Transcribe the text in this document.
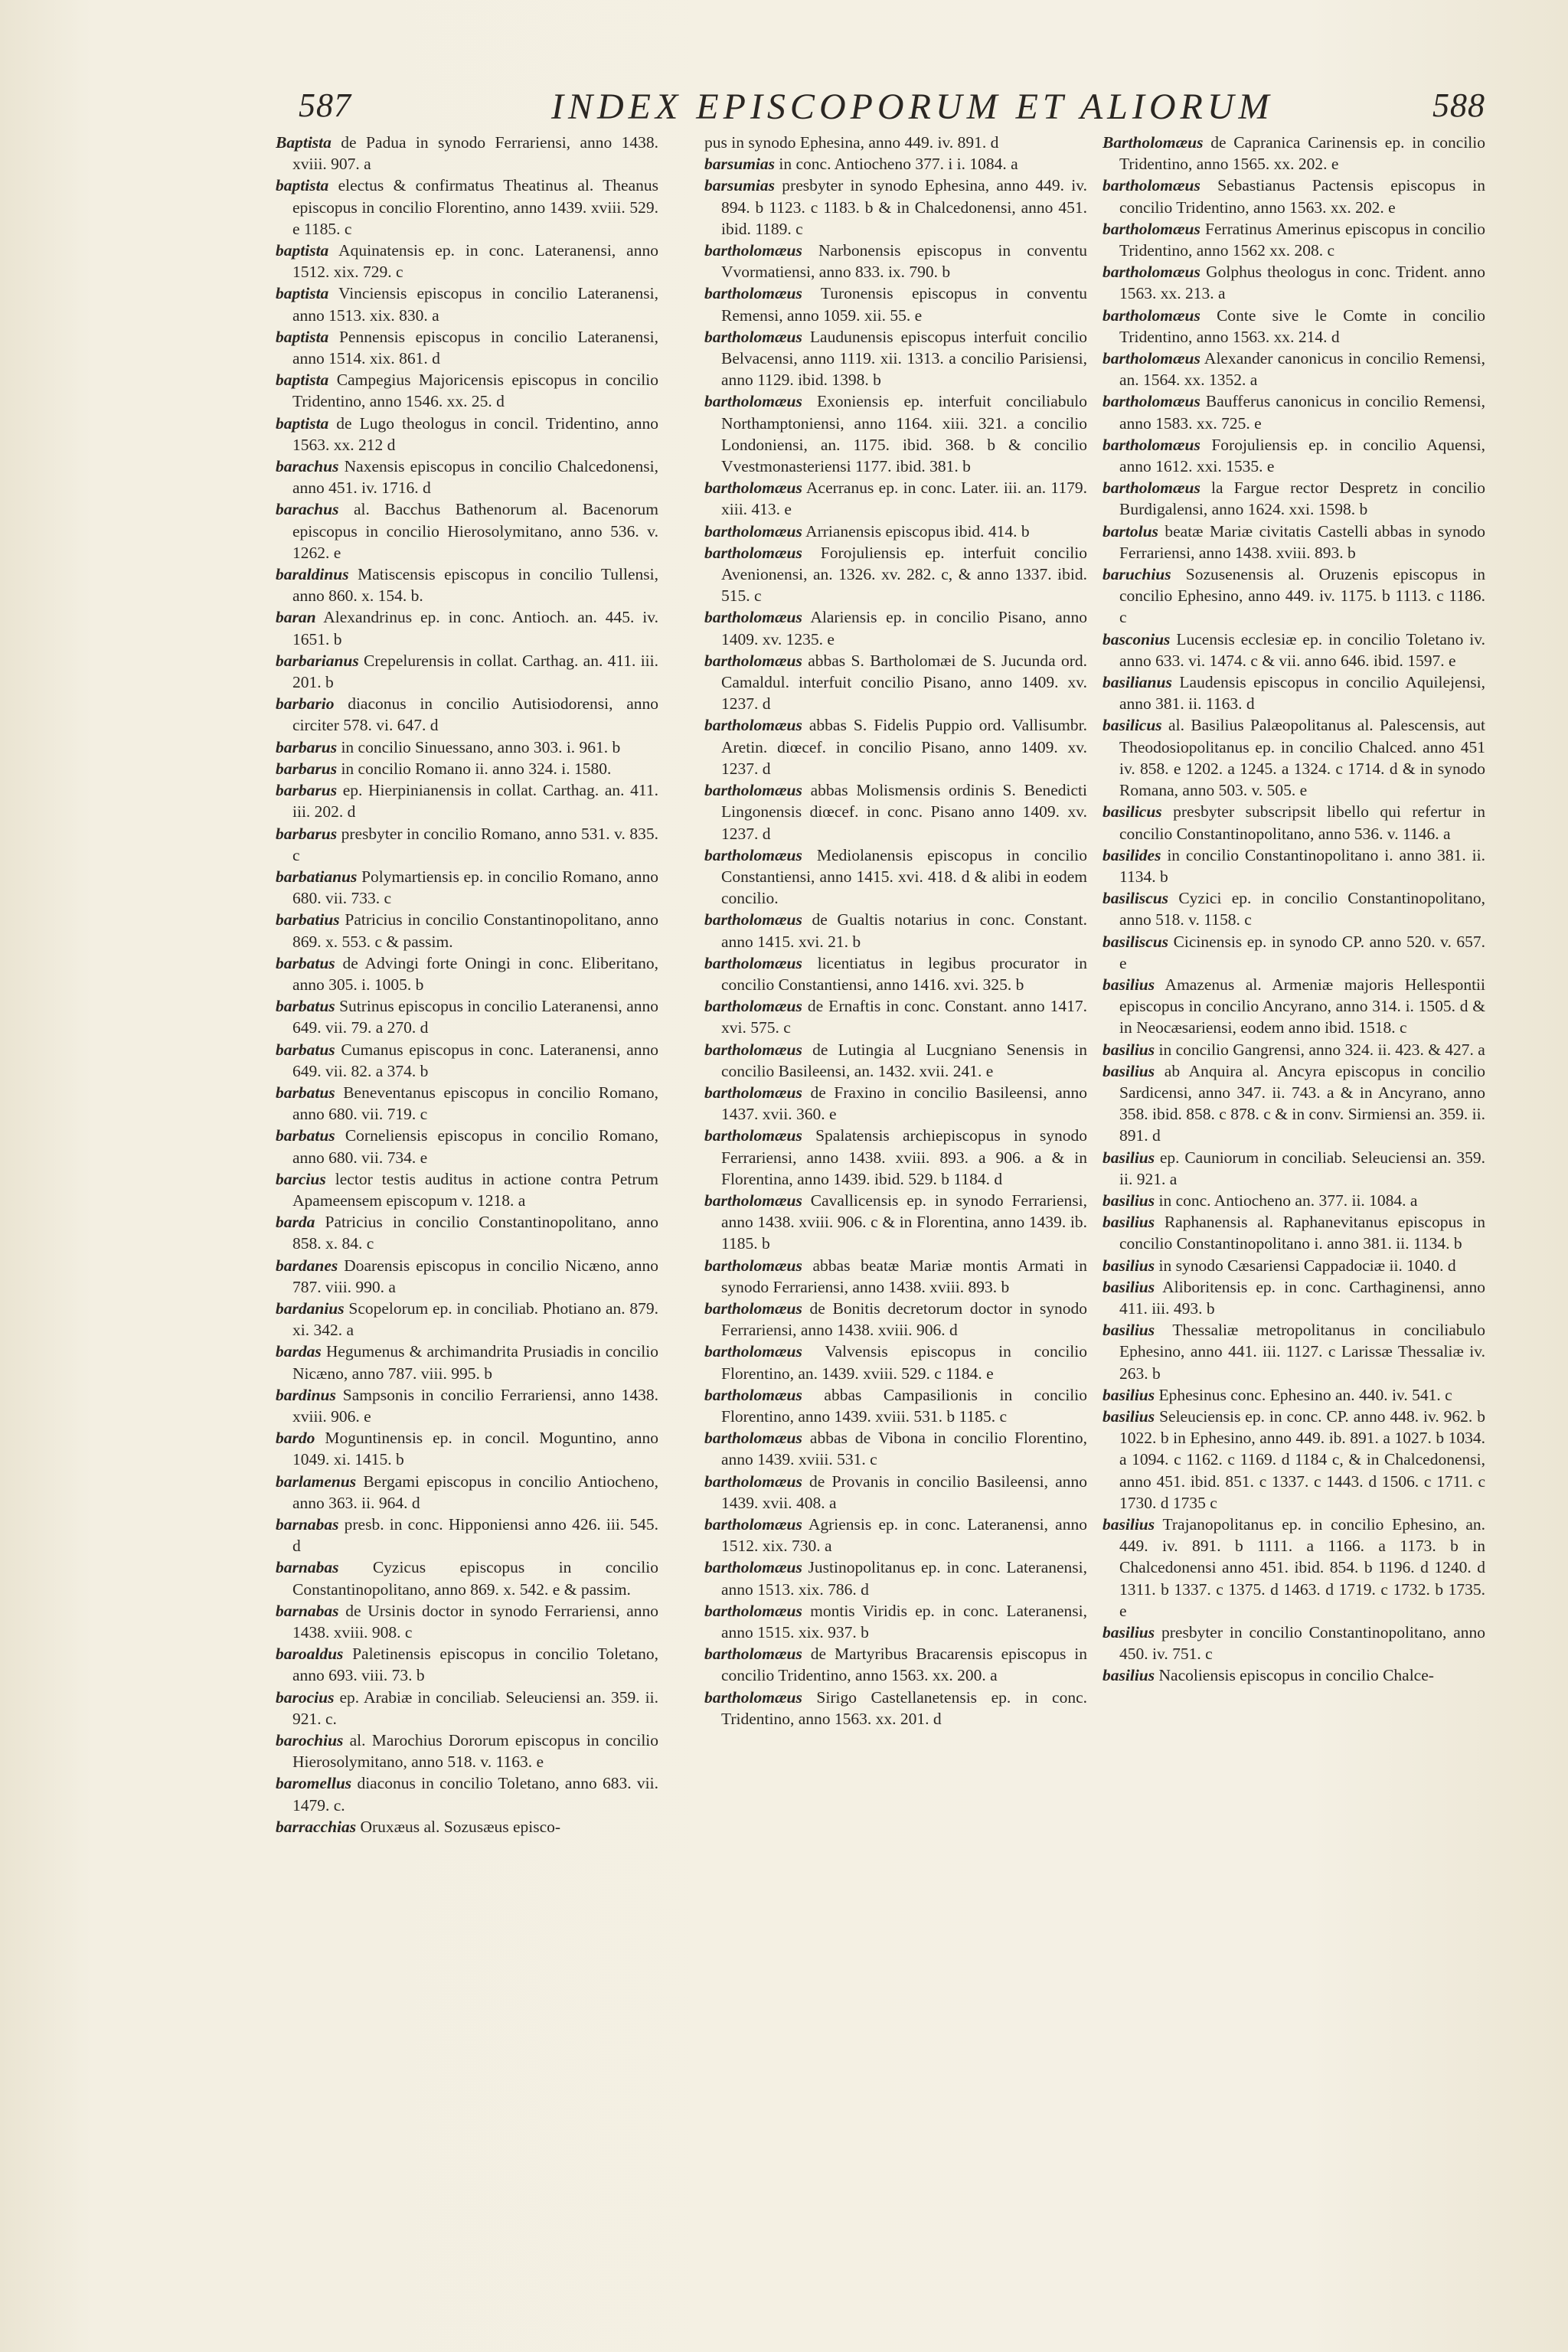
587	INDEX EPISCOPORUM ET ALIORUM	588

Baptista de Padua in synodo Ferrariensi, anno 1438. xviii. 907. a

baptista electus & confirmatus Theatinus al. Theanus episcopus in concilio Florentino, anno 1439. xviii. 529. e 1185. c

baptista Aquinatensis ep. in conc. Lateranensi, anno 1512. xix. 729. c

baptista Vinciensis episcopus in concilio Lateranensi, anno 1513. xix. 830. a

baptista Pennensis episcopus in concilio Lateranensi, anno 1514. xix. 861. d

baptista Campegius Majoricensis episcopus in concilio Tridentino, anno 1546. xx. 25. d

baptista de Lugo theologus in concil. Tridentino, anno 1563. xx. 212 d

barachus Naxensis episcopus in concilio Chalcedonensi, anno 451. iv. 1716. d

barachus al. Bacchus Bathenorum al. Bacenorum episcopus in concilio Hierosolymitano, anno 536. v. 1262. e

baraldinus Matiscensis episcopus in concilio Tullensi, anno 860. x. 154. b.

baran Alexandrinus ep. in conc. Antioch. an. 445. iv. 1651. b

barbarianus Crepelurensis in collat. Carthag. an. 411. iii. 201. b

barbario diaconus in concilio Autisiodorensi, anno circiter 578. vi. 647. d

barbarus in concilio Sinuessano, anno 303. i. 961. b

barbarus in concilio Romano ii. anno 324. i. 1580.

barbarus ep. Hierpinianensis in collat. Carthag. an. 411. iii. 202. d

barbarus presbyter in concilio Romano, anno 531. v. 835. c

barbatianus Polymartiensis ep. in concilio Romano, anno 680. vii. 733. c

barbatius Patricius in concilio Constantinopolitano, anno 869. x. 553. c & passim.

barbatus de Advingi forte Oningi in conc. Eliberitano, anno 305. i. 1005. b

barbatus Sutrinus episcopus in concilio Lateranensi, anno 649. vii. 79. a 270. d

barbatus Cumanus episcopus in conc. Lateranensi, anno 649. vii. 82. a 374. b

barbatus Beneventanus episcopus in concilio Romano, anno 680. vii. 719. c

barbatus Corneliensis episcopus in concilio Romano, anno 680. vii. 734. e

barcius lector testis auditus in actione contra Petrum Apameensem episcopum v. 1218. a

barda Patricius in concilio Constantinopolitano, anno 858. x. 84. c

bardanes Doarensis episcopus in concilio Nicæno, anno 787. viii. 990. a

bardanius Scopelorum ep. in conciliab. Photiano an. 879. xi. 342. a

bardas Hegumenus & archimandrita Prusiadis in concilio Nicæno, anno 787. viii. 995. b

bardinus Sampsonis in concilio Ferrariensi, anno 1438. xviii. 906. e

bardo Moguntinensis ep. in concil. Moguntino, anno 1049. xi. 1415. b

barlamenus Bergami episcopus in concilio Antiocheno, anno 363. ii. 964. d

barnabas presb. in conc. Hipponiensi anno 426. iii. 545. d

barnabas Cyzicus episcopus in concilio Constantinopolitano, anno 869. x. 542. e & passim.

barnabas de Ursinis doctor in synodo Ferrariensi, anno 1438. xviii. 908. c

baroaldus Paletinensis episcopus in concilio Toletano, anno 693. viii. 73. b

barocius ep. Arabiæ in conciliab. Seleuciensi an. 359. ii. 921. c.

barochius al. Marochius Dororum episcopus in concilio Hierosolymitano, anno 518. v. 1163. e

baromellus diaconus in concilio Toletano, anno 683. vii. 1479. c.

barracchias Oruxæus al. Sozusæus episco-

pus in synodo Ephesina, anno 449. iv. 891. d

barsumias in conc. Antiocheno 377. i i. 1084. a

barsumias presbyter in synodo Ephesina, anno 449. iv. 894. b 1123. c 1183. b & in Chalcedonensi, anno 451. ibid. 1189. c

bartholomæus Narbonensis episcopus in conventu Vvormatiensi, anno 833. ix. 790. b

bartholomæus Turonensis episcopus in conventu Remensi, anno 1059. xii. 55. e

bartholomæus Laudunensis episcopus interfuit concilio Belvacensi, anno 1119. xii. 1313. a concilio Parisiensi, anno 1129. ibid. 1398. b

bartholomæus Exoniensis ep. interfuit conciliabulo Northamptoniensi, anno 1164. xiii. 321. a concilio Londoniensi, an. 1175. ibid. 368. b & concilio Vvestmonasteriensi 1177. ibid. 381. b

bartholomæus Acerranus ep. in conc. Later. iii. an. 1179. xiii. 413. e

bartholomæus Arrianensis episcopus ibid. 414. b

bartholomæus Forojuliensis ep. interfuit concilio Avenionensi, an. 1326. xv. 282. c, & anno 1337. ibid. 515. c

bartholomæus Alariensis ep. in concilio Pisano, anno 1409. xv. 1235. e

bartholomæus abbas S. Bartholomæi de S. Jucunda ord. Camaldul. interfuit concilio Pisano, anno 1409. xv. 1237. d

bartholomæus abbas S. Fidelis Puppio ord. Vallisumbr. Aretin. diœcef. in concilio Pisano, anno 1409. xv. 1237. d

bartholomæus abbas Molismensis ordinis S. Benedicti Lingonensis diœcef. in conc. Pisano anno 1409. xv. 1237. d

bartholomæus Mediolanensis episcopus in concilio Constantiensi, anno 1415. xvi. 418. d & alibi in eodem concilio.

bartholomæus de Gualtis notarius in conc. Constant. anno 1415. xvi. 21. b

bartholomæus licentiatus in legibus procurator in concilio Constantiensi, anno 1416. xvi. 325. b

bartholomæus de Ernaftis in conc. Constant. anno 1417. xvi. 575. c

bartholomæus de Lutingia al Lucgniano Senensis in concilio Basileensi, an. 1432. xvii. 241. e

bartholomæus de Fraxino in concilio Basileensi, anno 1437. xvii. 360. e

bartholomæus Spalatensis archiepiscopus in synodo Ferrariensi, anno 1438. xviii. 893. a 906. a & in Florentina, anno 1439. ibid. 529. b 1184. d

bartholomæus Cavallicensis ep. in synodo Ferrariensi, anno 1438. xviii. 906. c & in Florentina, anno 1439. ib. 1185. b

bartholomæus abbas beatæ Mariæ montis Armati in synodo Ferrariensi, anno 1438. xviii. 893. b

bartholomæus de Bonitis decretorum doctor in synodo Ferrariensi, anno 1438. xviii. 906. d

bartholomæus Valvensis episcopus in concilio Florentino, an. 1439. xviii. 529. c 1184. e

bartholomæus abbas Campasilionis in concilio Florentino, anno 1439. xviii. 531. b 1185. c

bartholomæus abbas de Vibona in concilio Florentino, anno 1439. xviii. 531. c

bartholomæus de Provanis in concilio Basileensi, anno 1439. xvii. 408. a

bartholomæus Agriensis ep. in conc. Lateranensi, anno 1512. xix. 730. a

bartholomæus Justinopolitanus ep. in conc. Lateranensi, anno 1513. xix. 786. d

bartholomæus montis Viridis ep. in conc. Lateranensi, anno 1515. xix. 937. b

bartholomæus de Martyribus Bracarensis episcopus in concilio Tridentino, anno 1563. xx. 200. a

bartholomæus Sirigo Castellanetensis ep. in conc. Tridentino, anno 1563. xx. 201. d

Bartholomæus de Capranica Carinensis ep. in concilio Tridentino, anno 1565. xx. 202. e

bartholomæus Sebastianus Pactensis episcopus in concilio Tridentino, anno 1563. xx. 202. e

bartholomæus Ferratinus Amerinus episcopus in concilio Tridentino, anno 1562 xx. 208. c

bartholomæus Golphus theologus in conc. Trident. anno 1563. xx. 213. a

bartholomæus Conte sive le Comte in concilio Tridentino, anno 1563. xx. 214. d

bartholomæus Alexander canonicus in concilio Remensi, an. 1564. xx. 1352. a

bartholomæus Baufferus canonicus in concilio Remensi, anno 1583. xx. 725. e

bartholomæus Forojuliensis ep. in concilio Aquensi, anno 1612. xxi. 1535. e

bartholomæus la Fargue rector Despretz in concilio Burdigalensi, anno 1624. xxi. 1598. b

bartolus beatæ Mariæ civitatis Castelli abbas in synodo Ferrariensi, anno 1438. xviii. 893. b

baruchius Sozusenensis al. Oruzenis episcopus in concilio Ephesino, anno 449. iv. 1175. b 1113. c 1186. c

basconius Lucensis ecclesiæ ep. in concilio Toletano iv. anno 633. vi. 1474. c & vii. anno 646. ibid. 1597. e

basilianus Laudensis episcopus in concilio Aquilejensi, anno 381. ii. 1163. d

basilicus al. Basilius Palæopolitanus al. Palescensis, aut Theodosiopolitanus ep. in concilio Chalced. anno 451 iv. 858. e 1202. a 1245. a 1324. c 1714. d & in synodo Romana, anno 503. v. 505. e

basilicus presbyter subscripsit libello qui refertur in concilio Constantinopolitano, anno 536. v. 1146. a

basilides in concilio Constantinopolitano i. anno 381. ii. 1134. b

basiliscus Cyzici ep. in concilio Constantinopolitano, anno 518. v. 1158. c

basiliscus Cicinensis ep. in synodo CP. anno 520. v. 657. e

basilius Amazenus al. Armeniæ majoris Hellespontii episcopus in concilio Ancyrano, anno 314. i. 1505. d & in Neocæsariensi, eodem anno ibid. 1518. c

basilius in concilio Gangrensi, anno 324. ii. 423. & 427. a

basilius ab Anquira al. Ancyra episcopus in concilio Sardicensi, anno 347. ii. 743. a & in Ancyrano, anno 358. ibid. 858. c 878. c & in conv. Sirmiensi an. 359. ii. 891. d

basilius ep. Cauniorum in conciliab. Seleuciensi an. 359. ii. 921. a

basilius in conc. Antiocheno an. 377. ii. 1084. a

basilius Raphanensis al. Raphanevitanus episcopus in concilio Constantinopolitano i. anno 381. ii. 1134. b

basilius in synodo Cæsariensi Cappadociæ ii. 1040. d

basilius Aliboritensis ep. in conc. Carthaginensi, anno 411. iii. 493. b

basilius Thessaliæ metropolitanus in conciliabulo Ephesino, anno 441. iii. 1127. c Larissæ Thessaliæ iv. 263. b

basilius Ephesinus conc. Ephesino an. 440. iv. 541. c

basilius Seleuciensis ep. in conc. CP. anno 448. iv. 962. b 1022. b in Ephesino, anno 449. ib. 891. a 1027. b 1034. a 1094. c 1162. c 1169. d 1184 c, & in Chalcedonensi, anno 451. ibid. 851. c 1337. c 1443. d 1506. c 1711. c 1730. d 1735 c

basilius Trajanopolitanus ep. in concilio Ephesino, an. 449. iv. 891. b 1111. a 1166. a 1173. b in Chalcedonensi anno 451. ibid. 854. b 1196. d 1240. d 1311. b 1337. c 1375. d 1463. d 1719. c 1732. b 1735. e

basilius presbyter in concilio Constantinopolitano, anno 450. iv. 751. c

basilius Nacoliensis episcopus in concilio Chalce-
